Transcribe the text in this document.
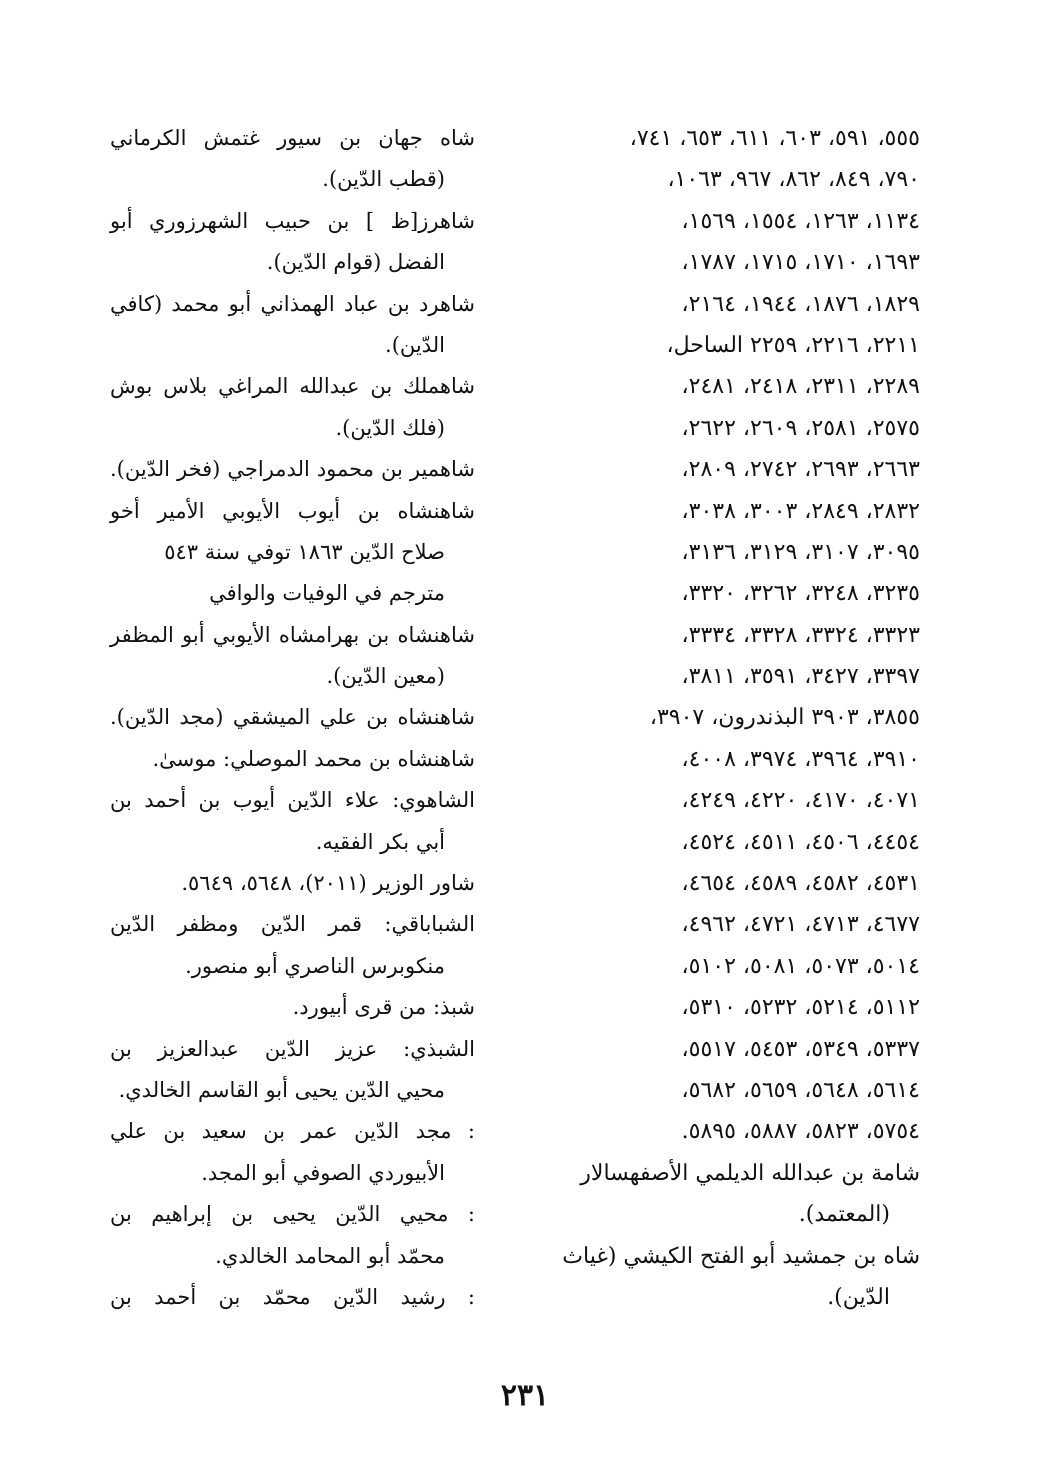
شاه جهان بن سيور غتمش الكرماني
(قطب الدّين).
شاهرز[ظ ] بن حبيب الشهرزوري أبو
الفضل (قوام الدّين).
شاهرد بن عباد الهمذاني أبو محمد (كافي
الدّين).
شاهملك بن عبدالله المراغي بلاس بوش
(فلك الدّين).
شاهمير بن محمود الدمراجي (فخر الدّين).
شاهنشاه بن أيوب الأيوبي الأمير أخو
صلاح الدّين ١٨٦٣ توفي سنة ٥٤٣
مترجم في الوفيات والوافي
شاهنشاه بن بهرامشاه الأيوبي أبو المظفر
(معين الدّين).
شاهنشاه بن علي الميشقي (مجد الدّين).
شاهنشاه بن محمد الموصلي: موسىٰ.
الشاهوي: علاء الدّين أيوب بن أحمد بن
أبي بكر الفقيه.
شاور الوزير (٢٠١١)، ٥٦٤٨، ٥٦٤٩.
الشباباقي: قمر الدّين ومظفر الدّين
منكوبرس الناصري أبو منصور.
شبذ: من قرى أبيورد.
الشبذي: عزيز الدّين عبدالعزيز بن
محيي الدّين يحيى أبو القاسم الخالدي.
: مجد الدّين عمر بن سعيد بن علي
الأبيوردي الصوفي أبو المجد.
: محيي الدّين يحيى بن إبراهيم بن
محمّد أبو المحامد الخالدي.
: رشيد الدّين محمّد بن أحمد بن
٥٥٥، ٥٩١، ٦٠٣، ٦١١، ٦٥٣، ٧٤١،
٧٩٠، ٨٤٩، ٨٦٢، ٩٦٧، ١٠٦٣،
١١٣٤، ١٢٦٣، ١٥٥٤، ١٥٦٩،
١٦٩٣، ١٧١٠، ١٧١٥، ١٧٨٧،
١٨٢٩، ١٨٧٦، ١٩٤٤، ٢١٦٤،
٢٢١١، ٢٢١٦، ٢٢٥٩ الساحل،
٢٢٨٩، ٢٣١١، ٢٤١٨، ٢٤٨١،
٢٥٧٥، ٢٥٨١، ٢٦٠٩، ٢٦٢٢،
٢٦٦٣، ٢٦٩٣، ٢٧٤٢، ٢٨٠٩،
٢٨٣٢، ٢٨٤٩، ٣٠٠٣، ٣٠٣٨،
٣٠٩٥، ٣١٠٧، ٣١٢٩، ٣١٣٦،
٣٢٣٥، ٣٢٤٨، ٣٢٦٢، ٣٣٢٠،
٣٣٢٣، ٣٣٢٤، ٣٣٢٨، ٣٣٣٤،
٣٣٩٧، ٣٤٢٧، ٣٥٩١، ٣٨١١،
٣٨٥٥، ٣٩٠٣ البذندرون، ٣٩٠٧،
٣٩١٠، ٣٩٦٤، ٣٩٧٤، ٤٠٠٨،
٤٠٧١، ٤١٧٠، ٤٢٢٠، ٤٢٤٩،
٤٤٥٤، ٤٥٠٦، ٤٥١١، ٤٥٢٤،
٤٥٣١، ٤٥٨٢، ٤٥٨٩، ٤٦٥٤،
٤٦٧٧، ٤٧١٣، ٤٧٢١، ٤٩٦٢،
٥٠١٤، ٥٠٧٣، ٥٠٨١، ٥١٠٢،
٥١١٢، ٥٢١٤، ٥٢٣٢، ٥٣١٠،
٥٣٣٧، ٥٣٤٩، ٥٤٥٣، ٥٥١٧،
٥٦١٤، ٥٦٤٨، ٥٦٥٩، ٥٦٨٢،
٥٧٥٤، ٥٨٢٣، ٥٨٨٧، ٥٨٩٥.
شامة بن عبدالله الديلمي الأصفهسالار
(المعتمد).
شاه بن جمشيد أبو الفتح الكيشي (غياث
الدّين).
٢٣١
